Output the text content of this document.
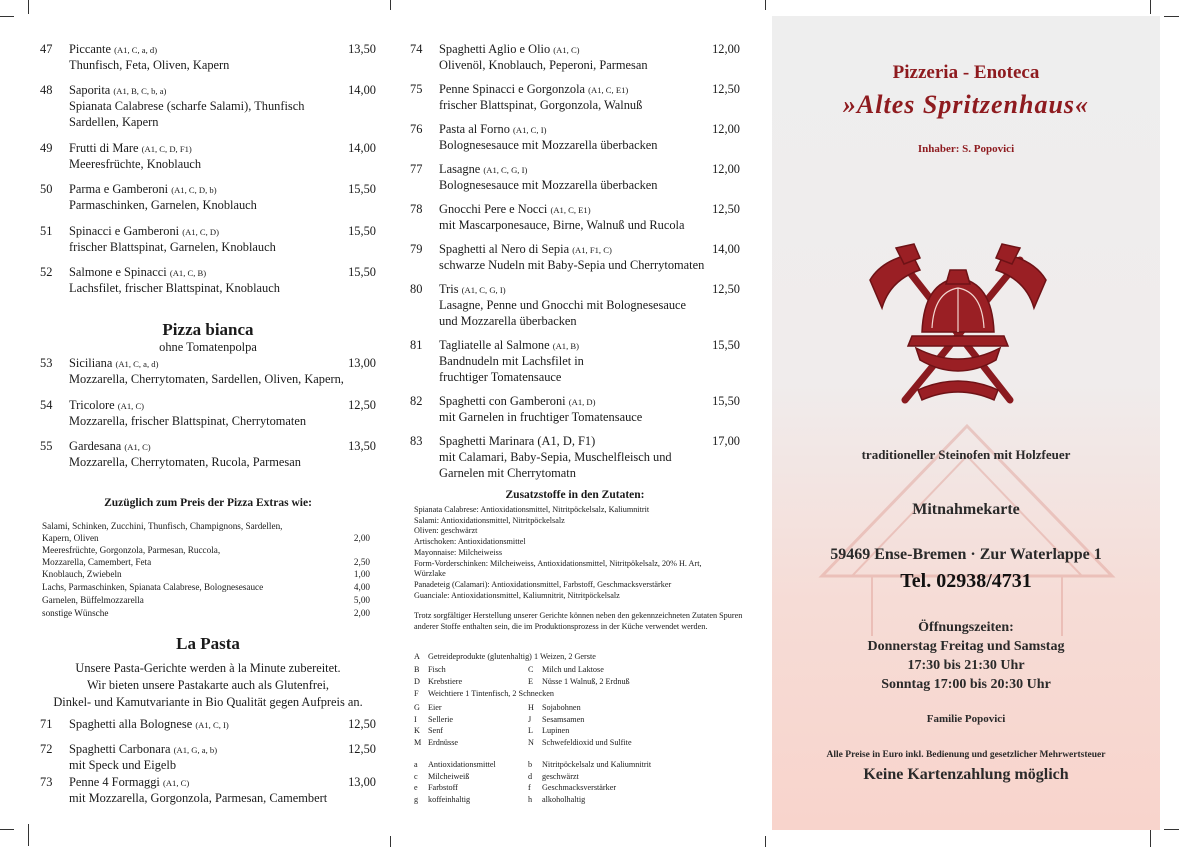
47	Piccante (A1, C, a, d)	13,50
Thunfisch, Feta, Oliven, Kapern
48	Saporita (A1, B, C, b, a)	14,00
Spianata Calabrese (scharfe Salami), Thunfisch
Sardellen, Kapern
49	Frutti di Mare (A1, C, D, F1)	14,00
Meeresfrüchte, Knoblauch
50	Parma e Gamberoni (A1, C, D, b)	15,50
Parmaschinken, Garnelen, Knoblauch
51	Spinacci e Gamberoni (A1, C, D)	15,50
frischer Blattspinat, Garnelen, Knoblauch
52	Salmone e Spinacci (A1, C, B)	15,50
Lachsfilet, frischer Blattspinat, Knoblauch
Pizza bianca
ohne Tomatenpolpa
53	Siciliana (A1, C, a, d)	13,00
Mozzarella, Cherrytomaten, Sardellen, Oliven, Kapern,
54	Tricolore (A1, C)	12,50
Mozzarella, frischer Blattspinat, Cherrytomaten
55	Gardesana (A1, C)	13,50
Mozzarella, Cherrytomaten, Rucola, Parmesan
Zuzüglich zum Preis der Pizza Extras wie:
Salami, Schinken, Zucchini, Thunfisch, Champignons, Sardellen,
Kapern, Oliven	2,00
Meeresfrüchte, Gorgonzola, Parmesan, Ruccola,
Mozzarella, Camembert, Feta	2,50
Knoblauch, Zwiebeln	1,00
Lachs, Parmaschinken, Spianata Calabrese, Bolognesesauce	4,00
Garnelen, Büffelmozzarella	5,00
sonstige Wünsche	2,00
La Pasta
Unsere Pasta-Gerichte werden à la Minute zubereitet.
Wir bieten unsere Pastakarte auch als Glutenfrei,
Dinkel- und Kamutvariante in Bio Qualität gegen Aufpreis an.
71	Spaghetti alla Bolognese (A1, C, I)	12,50
72	Spaghetti Carbonara (A1, G, a, b)	12,50
mit Speck und Eigelb
73	Penne 4 Formaggi (A1, C)	13,00
mit Mozzarella, Gorgonzola, Parmesan, Camembert
74	Spaghetti Aglio e Olio (A1, C)	12,00
Olivenöl, Knoblauch, Peperoni, Parmesan
75	Penne Spinacci e Gorgonzola (A1, C, E1)	12,50
frischer Blattspinat, Gorgonzola, Walnuß
76	Pasta al Forno (A1, C, I)	12,00
Bolognesesauce mit Mozzarella überbacken
77	Lasagne (A1, C, G, I)	12,00
Bolognesesauce mit Mozzarella überbacken
78	Gnocchi Pere e Nocci (A1, C, E1)	12,50
mit Mascarponesauce, Birne, Walnuß und Rucola
79	Spaghetti al Nero di Sepia (A1, F1, C)	14,00
schwarze Nudeln mit Baby-Sepia und Cherrytomaten
80	Tris (A1, C, G, I)	12,50
Lasagne, Penne und Gnocchi mit Bolognesesauce
und Mozzarella überbacken
81	Tagliatelle al Salmone (A1, B)	15,50
Bandnudeln mit Lachsfilet in
fruchtiger Tomatensauce
82	Spaghetti con Gamberoni (A1, D)	15,50
mit Garnelen in fruchtiger Tomatensauce
83	Spaghetti Marinara (A1, D, F1)	17,00
mit Calamari, Baby-Sepia, Muschelfleisch und
Garnelen mit Cherrytomatn
Zusatzstoffe in den Zutaten:
Spianata Calabrese: Antioxidationsmittel, Nitritpöckelsalz, Kaliumnitrit
Salami: Antioxidationsmittel, Nitritpöckelsalz
Oliven: geschwärzt
Artischoken: Antioxidationsmittel
Mayonnaise: Milcheiweiss
Form-Vorderschinken: Milcheiweiss, Antioxidationsmittel, Nitritpökelsalz, 20% H. Art,
Würzlake
Panadeteig (Calamari): Antioxidationsmittel, Farbstoff, Geschmacksverstärker
Guanciale: Antioxidationsmittel, Kaliumnitrit, Nitritpöckelsalz
Trotz sorgfältiger Herstellung unserer Gerichte können neben den gekennzeichneten Zutaten Spuren anderer Stoffe enthalten sein, die im Produktionsprozess in der Küche verwendet werden.
A Getreideprodukte (glutenhaltig) 1 Weizen, 2 Gerste
B Fisch	C Milch und Laktose
D Krebstiere	E Nüsse 1 Walnuß, 2 Erdnuß
F Weichtiere 1 Tintenfisch, 2 Schnecken
G Eier	H Sojabohnen
I Sellerie	J Sesamsamen
K Senf	L Lupinen
M Erdnüsse	N Schwefeldioxid und Sulfite
a Antioxidationsmittel	b Nitritpöckelsalz und Kaliumnitrit
c Milcheiweiß	d geschwärzt
e Farbstoff	f Geschmacksverstärker
g koffeinhaltig	h alkoholhaltig
Pizzeria - Enoteca
»Altes Spritzenhaus«
Inhaber: S. Popovici
traditioneller Steinofen mit Holzfeuer
Mitnahmekarte
59469 Ense-Bremen · Zur Waterlappe 1
Tel. 02938/4731
Öffnungszeiten:
Donnerstag Freitag und Samstag
17:30 bis 21:30 Uhr
Sonntag 17:00 bis 20:30 Uhr
Familie Popovici
Alle Preise in Euro inkl. Bedienung und gesetzlicher Mehrwertsteuer
Keine Kartenzahlung möglich
